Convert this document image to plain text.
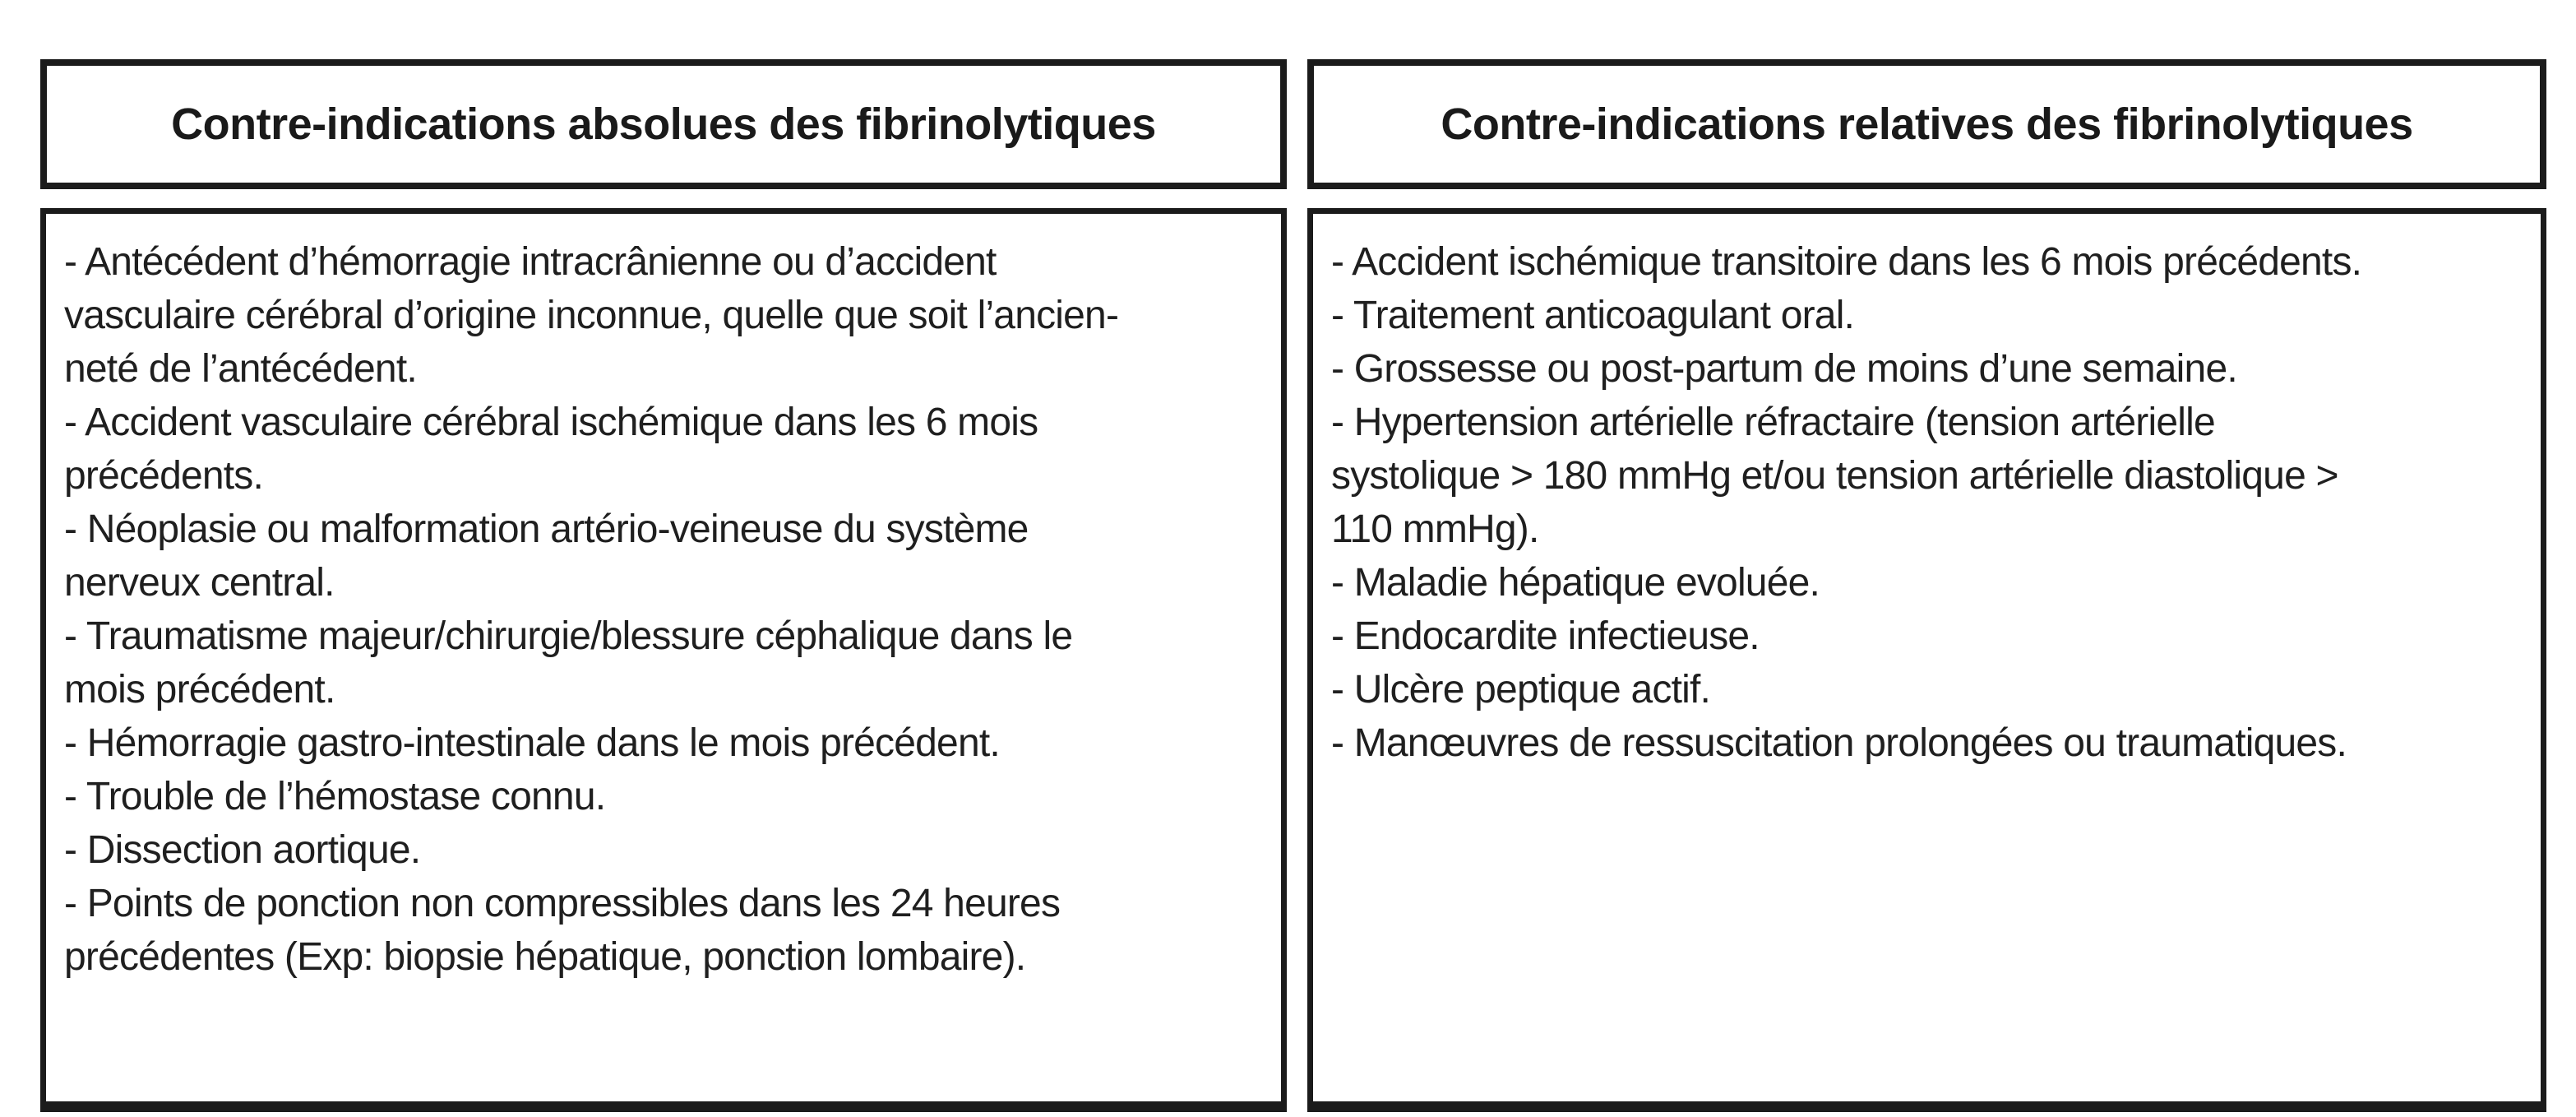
Contre-indications absolues des fibrinolytiques
- Antécédent d’hémorragie intracrânienne ou d’accident
vasculaire cérébral d’origine inconnue, quelle que soit l’ancien-
neté de l’antécédent.
- Accident vasculaire cérébral ischémique dans les 6 mois
précédents.
- Néoplasie ou malformation artério-veineuse du système
nerveux central.
- Traumatisme majeur/chirurgie/blessure céphalique dans le
mois précédent.
- Hémorragie gastro-intestinale dans le mois précédent.
- Trouble de l’hémostase connu.
- Dissection aortique.
- Points de ponction non compressibles dans les 24 heures
précédentes (Exp: biopsie hépatique, ponction lombaire).
Contre-indications relatives des fibrinolytiques
- Accident ischémique transitoire dans les 6 mois précédents.
- Traitement anticoagulant oral.
- Grossesse ou post-partum de moins d’une semaine.
- Hypertension artérielle réfractaire (tension artérielle
systolique > 180 mmHg et/ou tension artérielle diastolique >
110 mmHg).
- Maladie hépatique evoluée.
- Endocardite infectieuse.
- Ulcère peptique actif.
- Manœuvres de ressuscitation prolongées ou traumatiques.
